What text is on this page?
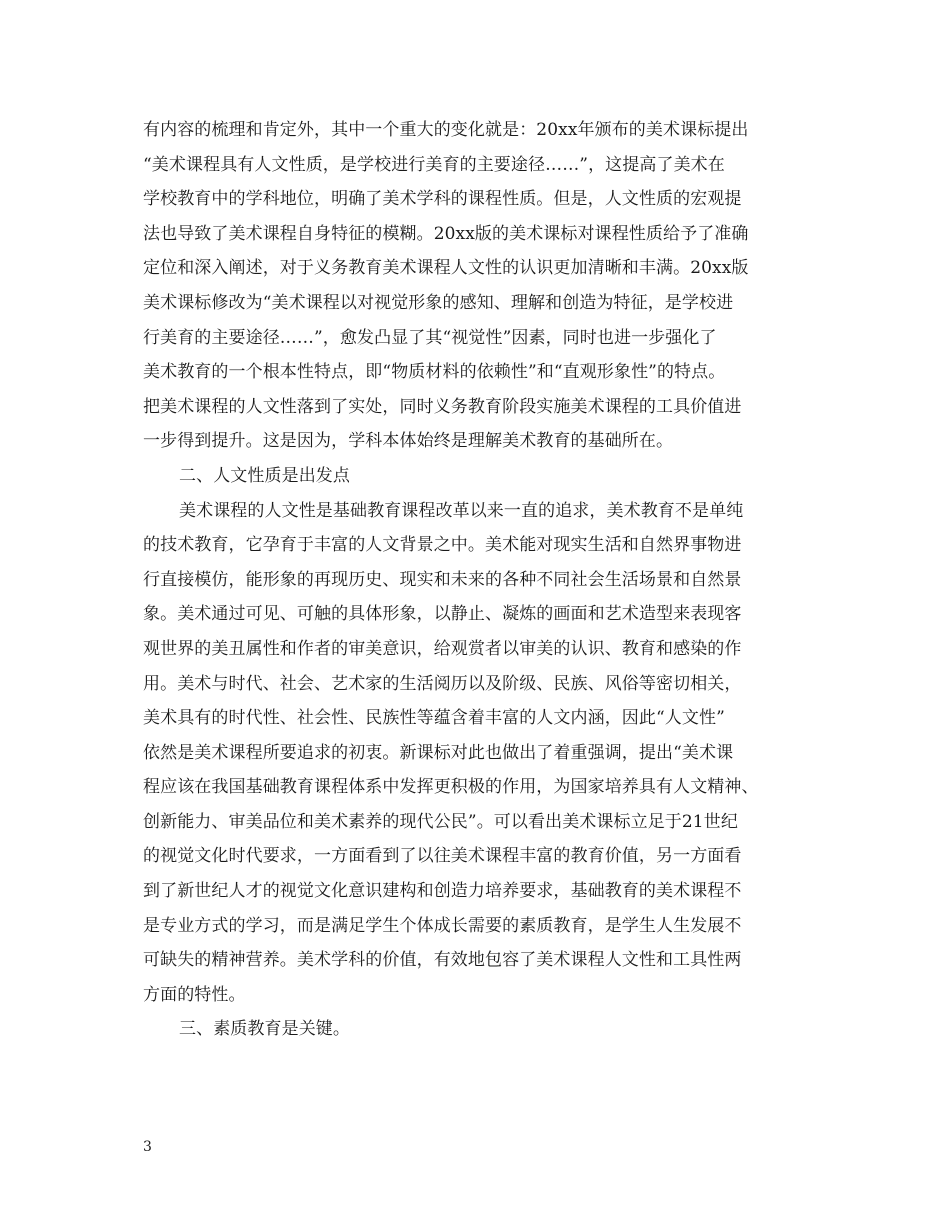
有内容的梳理和肯定外，其中一个重大的变化就是：20xx年颁布的美术课标提出
“美术课程具有人文性质，是学校进行美育的主要途径……”，这提高了美术在
学校教育中的学科地位，明确了美术学科的课程性质。但是，人文性质的宏观提
法也导致了美术课程自身特征的模糊。20xx版的美术课标对课程性质给予了准确
定位和深入阐述，对于义务教育美术课程人文性的认识更加清晰和丰满。20xx版
美术课标修改为“美术课程以对视觉形象的感知、理解和创造为特征，是学校进
行美育的主要途径……”，愈发凸显了其“视觉性”因素，同时也进一步强化了
美术教育的一个根本性特点，即“物质材料的依赖性”和“直观形象性”的特点。
把美术课程的人文性落到了实处，同时义务教育阶段实施美术课程的工具价值进
一步得到提升。这是因为，学科本体始终是理解美术教育的基础所在。
二、人文性质是出发点
美术课程的人文性是基础教育课程改革以来一直的追求，美术教育不是单纯
的技术教育，它孕育于丰富的人文背景之中。美术能对现实生活和自然界事物进
行直接模仿，能形象的再现历史、现实和未来的各种不同社会生活场景和自然景
象。美术通过可见、可触的具体形象，以静止、凝炼的画面和艺术造型来表现客
观世界的美丑属性和作者的审美意识，给观赏者以审美的认识、教育和感染的作
用。美术与时代、社会、艺术家的生活阅历以及阶级、民族、风俗等密切相关，
美术具有的时代性、社会性、民族性等蕴含着丰富的人文内涵，因此“人文性”
依然是美术课程所要追求的初衷。新课标对此也做出了着重强调，提出“美术课
程应该在我国基础教育课程体系中发挥更积极的作用，为国家培养具有人文精神、
创新能力、审美品位和美术素养的现代公民”。可以看出美术课标立足于21世纪
的视觉文化时代要求，一方面看到了以往美术课程丰富的教育价值，另一方面看
到了新世纪人才的视觉文化意识建构和创造力培养要求，基础教育的美术课程不
是专业方式的学习，而是满足学生个体成长需要的素质教育，是学生人生发展不
可缺失的精神营养。美术学科的价值，有效地包容了美术课程人文性和工具性两
方面的特性。
三、素质教育是关键。
3
